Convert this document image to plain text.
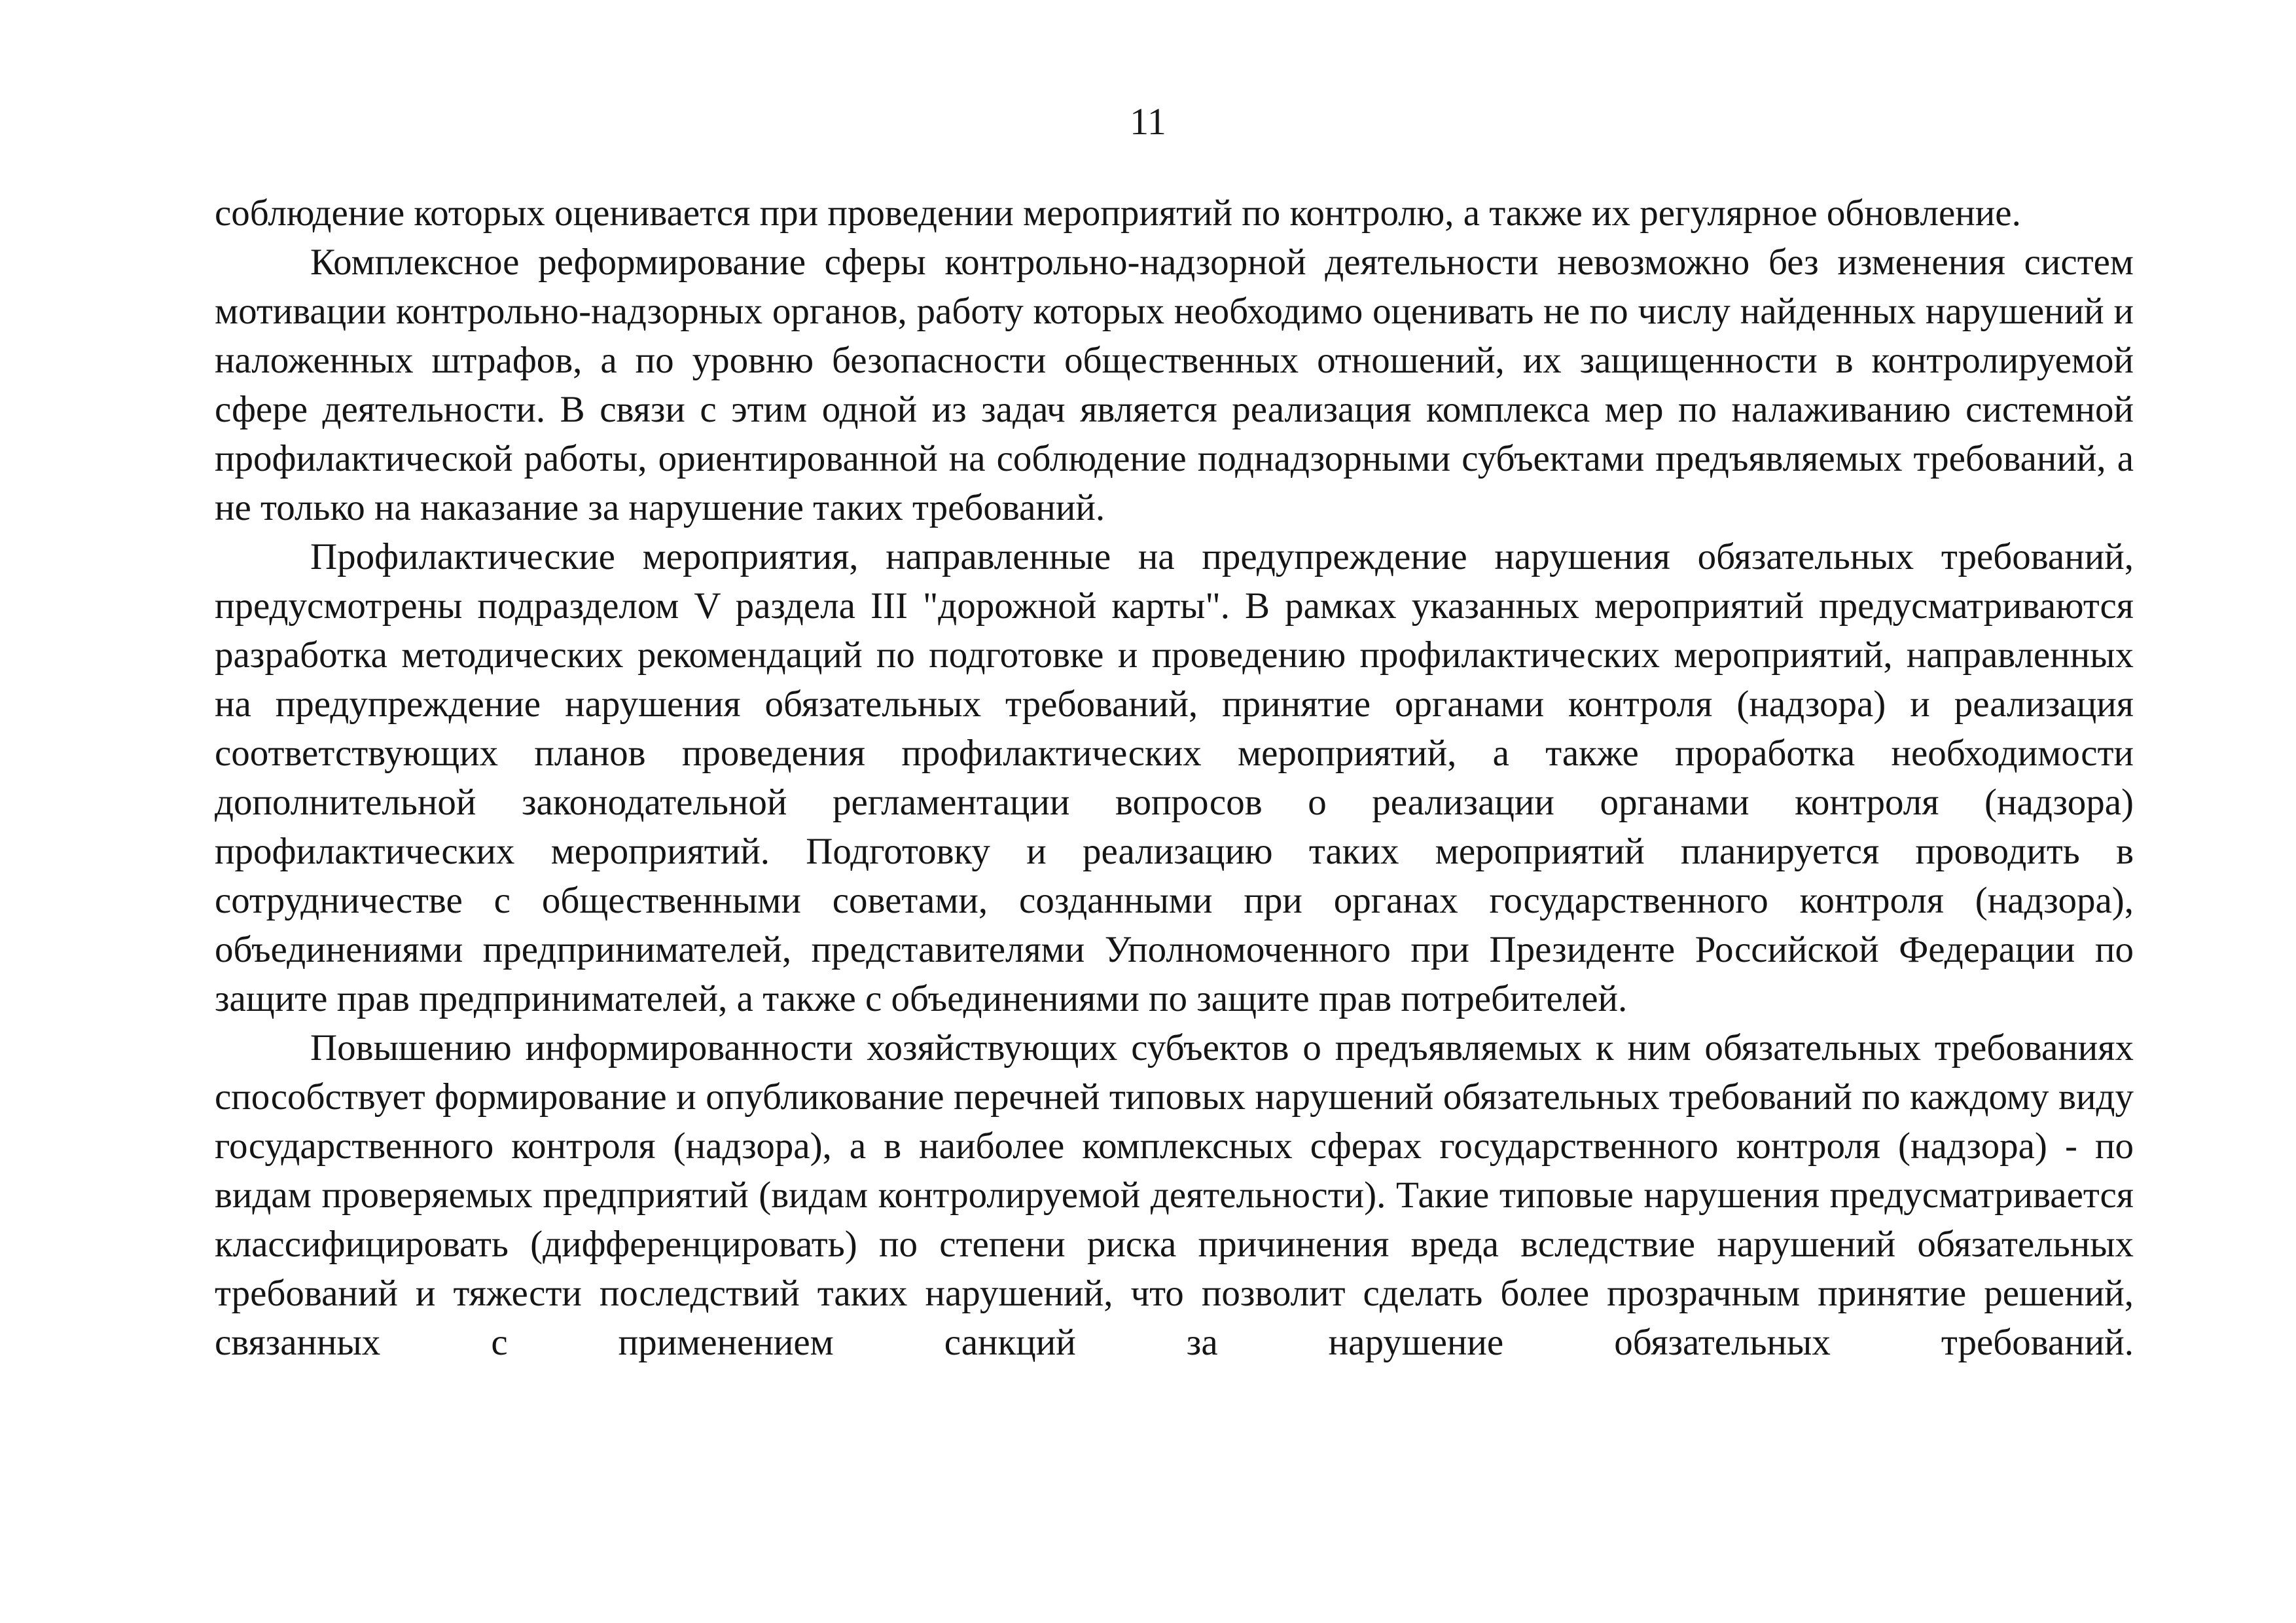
11

соблюдение которых оценивается при проведении мероприятий по контролю, а также их регулярное обновление.

Комплексное реформирование сферы контрольно-надзорной деятельности невозможно без изменения систем мотивации контрольно-надзорных органов, работу которых необходимо оценивать не по числу найденных нарушений и наложенных штрафов, а по уровню безопасности общественных отношений, их защищенности в контролируемой сфере деятельности. В связи с этим одной из задач является реализация комплекса мер по налаживанию системной профилактической работы, ориентированной на соблюдение поднадзорными субъектами предъявляемых требований, а не только на наказание за нарушение таких требований.

Профилактические мероприятия, направленные на предупреждение нарушения обязательных требований, предусмотрены подразделом V раздела III "дорожной карты". В рамках указанных мероприятий предусматриваются разработка методических рекомендаций по подготовке и проведению профилактических мероприятий, направленных на предупреждение нарушения обязательных требований, принятие органами контроля (надзора) и реализация соответствующих планов проведения профилактических мероприятий, а также проработка необходимости дополнительной законодательной регламентации вопросов о реализации органами контроля (надзора) профилактических мероприятий. Подготовку и реализацию таких мероприятий планируется проводить в сотрудничестве с общественными советами, созданными при органах государственного контроля (надзора), объединениями предпринимателей, представителями Уполномоченного при Президенте Российской Федерации по защите прав предпринимателей, а также с объединениями по защите прав потребителей.

Повышению информированности хозяйствующих субъектов о предъявляемых к ним обязательных требованиях способствует формирование и опубликование перечней типовых нарушений обязательных требований по каждому виду государственного контроля (надзора), а в наиболее комплексных сферах государственного контроля (надзора) - по видам проверяемых предприятий (видам контролируемой деятельности). Такие типовые нарушения предусматривается классифицировать (дифференцировать) по степени риска причинения вреда вследствие нарушений обязательных требований и тяжести последствий таких нарушений, что позволит сделать более прозрачным принятие решений, связанных с применением санкций за нарушение обязательных требований.
